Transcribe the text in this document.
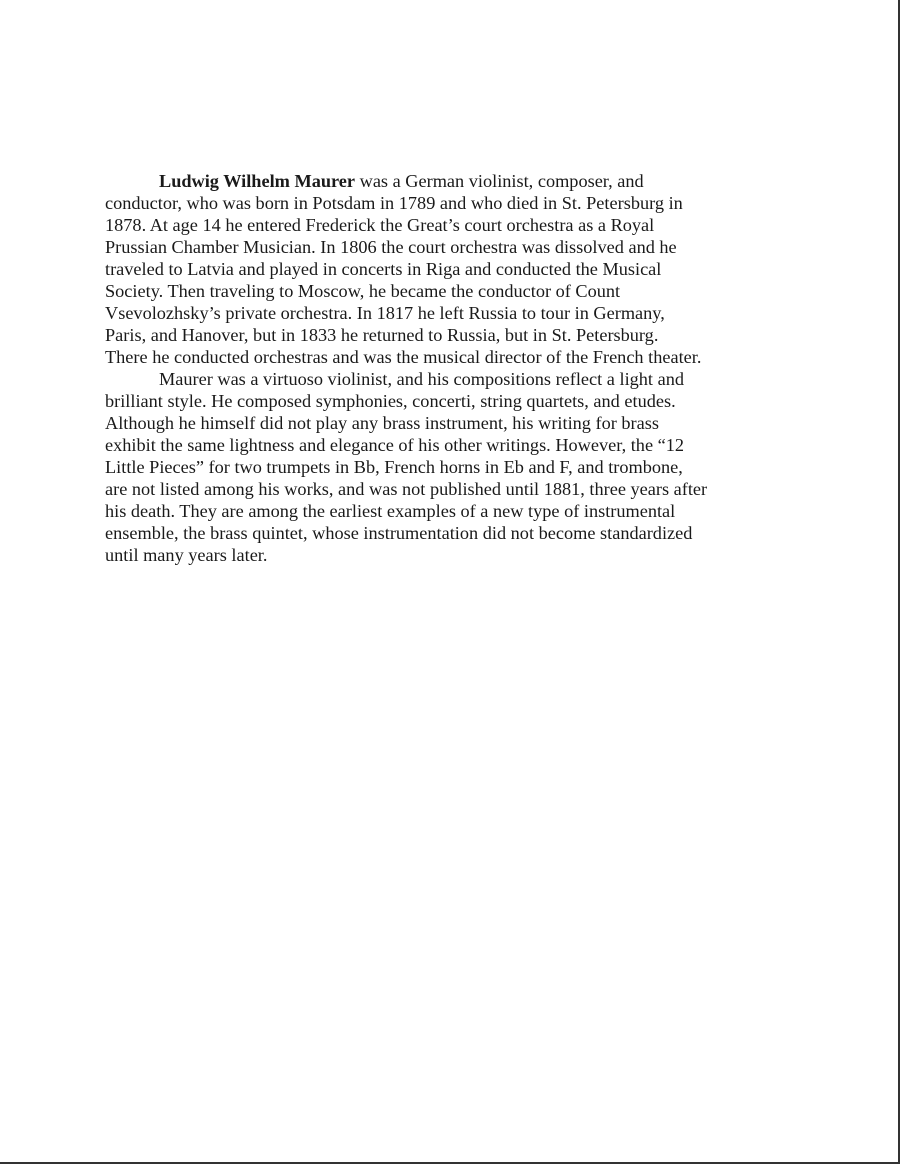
Ludwig Wilhelm Maurer was a German violinist, composer, and
conductor, who was born in Potsdam in 1789 and who died in St. Petersburg in
1878. At age 14 he entered Frederick the Great’s court orchestra as a Royal
Prussian Chamber Musician. In 1806 the court orchestra was dissolved and he
traveled to Latvia and played in concerts in Riga and conducted the Musical
Society. Then traveling to Moscow, he became the conductor of Count
Vsevolozhsky’s private orchestra. In 1817 he left Russia to tour in Germany,
Paris, and Hanover, but in 1833 he returned to Russia, but in St. Petersburg.
There he conducted orchestras and was the musical director of the French theater.
Maurer was a virtuoso violinist, and his compositions reflect a light and
brilliant style. He composed symphonies, concerti, string quartets, and etudes.
Although he himself did not play any brass instrument, his writing for brass
exhibit the same lightness and elegance of his other writings. However, the “12
Little Pieces” for two trumpets in Bb, French horns in Eb and F, and trombone,
are not listed among his works, and was not published until 1881, three years after
his death. They are among the earliest examples of a new type of instrumental
ensemble, the brass quintet, whose instrumentation did not become standardized
until many years later.
